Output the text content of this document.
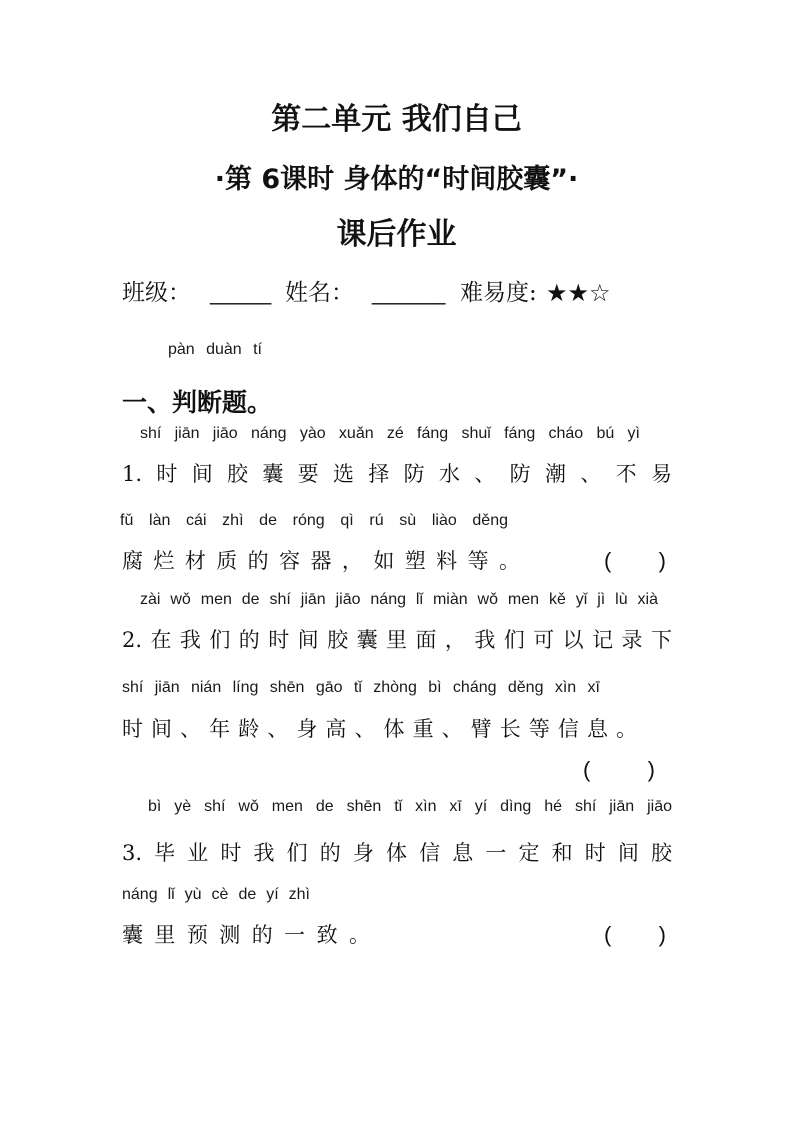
第二单元 我们自己
·第 6课时 身体的“时间胶囊”·
课后作业
班级： _____ 姓名： ______ 难易度: ★★☆
pàn duàn tí
一、判断题。
shí jiān jiāo náng yào xuǎn zé fáng shuǐ fáng cháo bú yì
1.时间胶囊要选择防水、防潮、不易
fǔ làn cái zhì de róng qì rú sù liào děng
腐烂材质的容器，如塑料等。	(    )
zài wǒ men de shí jiān jiāo náng lǐ miàn wǒ men kě yǐ jì lù xià
2.在我们的时间胶囊里面，我们可以记录下
shí jiān nián líng shēn gāo tǐ zhòng bì cháng děng xìn xī
时间、年龄、身高、体重、臂长等信息。
(    )
bì yè shí wǒ men de shēn tǐ xìn xī yí dìng hé shí jiān jiāo
3.毕业时我们的身体信息一定和时间胶
náng lǐ yù cè de yí zhì
囊里预测的一致。	(    )
